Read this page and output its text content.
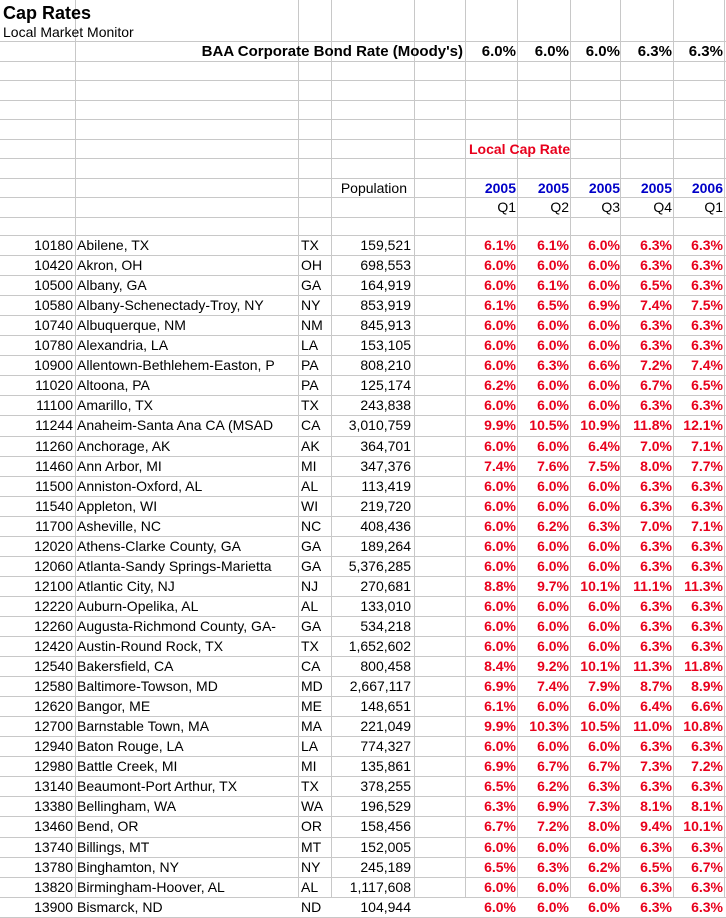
Cap Rates
Local Market Monitor
BAA Corporate Bond Rate (Moody's)	6.0%	6.0%	6.0%	6.3%	6.3%
Local Cap Rate
Population	2005	2005	2005	2005	2006
Q1	Q2	Q3	Q4	Q1
10180 Abilene, TX	TX	159,521	6.1%	6.1%	6.0%	6.3%	6.3%
10420 Akron, OH	OH	698,553	6.0%	6.0%	6.0%	6.3%	6.3%
10500 Albany, GA	GA	164,919	6.0%	6.1%	6.0%	6.5%	6.3%
10580 Albany-Schenectady-Troy, NY	NY	853,919	6.1%	6.5%	6.9%	7.4%	7.5%
10740 Albuquerque, NM	NM	845,913	6.0%	6.0%	6.0%	6.3%	6.3%
10780 Alexandria, LA	LA	153,105	6.0%	6.0%	6.0%	6.3%	6.3%
10900 Allentown-Bethlehem-Easton, P	PA	808,210	6.0%	6.3%	6.6%	7.2%	7.4%
11020 Altoona, PA	PA	125,174	6.2%	6.0%	6.0%	6.7%	6.5%
11100 Amarillo, TX	TX	243,838	6.0%	6.0%	6.0%	6.3%	6.3%
11244 Anaheim-Santa Ana CA (MSAD	CA	3,010,759	9.9% 10.5% 10.9% 11.8% 12.1%
11260 Anchorage, AK	AK	364,701	6.0%	6.0%	6.4%	7.0%	7.1%
11460 Ann Arbor, MI	MI	347,376	7.4%	7.6%	7.5%	8.0%	7.7%
11500 Anniston-Oxford, AL	AL	113,419	6.0%	6.0%	6.0%	6.3%	6.3%
11540 Appleton, WI	WI	219,720	6.0%	6.0%	6.0%	6.3%	6.3%
11700 Asheville, NC	NC	408,436	6.0%	6.2%	6.3%	7.0%	7.1%
12020 Athens-Clarke County, GA	GA	189,264	6.0%	6.0%	6.0%	6.3%	6.3%
12060 Atlanta-Sandy Springs-Marietta	GA	5,376,285	6.0%	6.0%	6.0%	6.3%	6.3%
12100 Atlantic City, NJ	NJ	270,681	8.8%	9.7% 10.1% 11.1% 11.3%
12220 Auburn-Opelika, AL	AL	133,010	6.0%	6.0%	6.0%	6.3%	6.3%
12260 Augusta-Richmond County, GA-	GA	534,218	6.0%	6.0%	6.0%	6.3%	6.3%
12420 Austin-Round Rock, TX	TX	1,652,602	6.0%	6.0%	6.0%	6.3%	6.3%
12540 Bakersfield, CA	CA	800,458	8.4%	9.2% 10.1% 11.3% 11.8%
12580 Baltimore-Towson, MD	MD	2,667,117	6.9%	7.4%	7.9%	8.7%	8.9%
12620 Bangor, ME	ME	148,651	6.1%	6.0%	6.0%	6.4%	6.6%
12700 Barnstable Town, MA	MA	221,049	9.9% 10.3% 10.5% 11.0% 10.8%
12940 Baton Rouge, LA	LA	774,327	6.0%	6.0%	6.0%	6.3%	6.3%
12980 Battle Creek, MI	MI	135,861	6.9%	6.7%	6.7%	7.3%	7.2%
13140 Beaumont-Port Arthur, TX	TX	378,255	6.5%	6.2%	6.3%	6.3%	6.3%
13380 Bellingham, WA	WA	196,529	6.3%	6.9%	7.3%	8.1%	8.1%
13460 Bend, OR	OR	158,456	6.7%	7.2%	8.0%	9.4% 10.1%
13740 Billings, MT	MT	152,005	6.0%	6.0%	6.0%	6.3%	6.3%
13780 Binghamton, NY	NY	245,189	6.5%	6.3%	6.2%	6.5%	6.7%
13820 Birmingham-Hoover, AL	AL	1,117,608	6.0%	6.0%	6.0%	6.3%	6.3%
13900 Bismarck, ND	ND	104,944	6.0%	6.0%	6.0%	6.3%	6.3%
